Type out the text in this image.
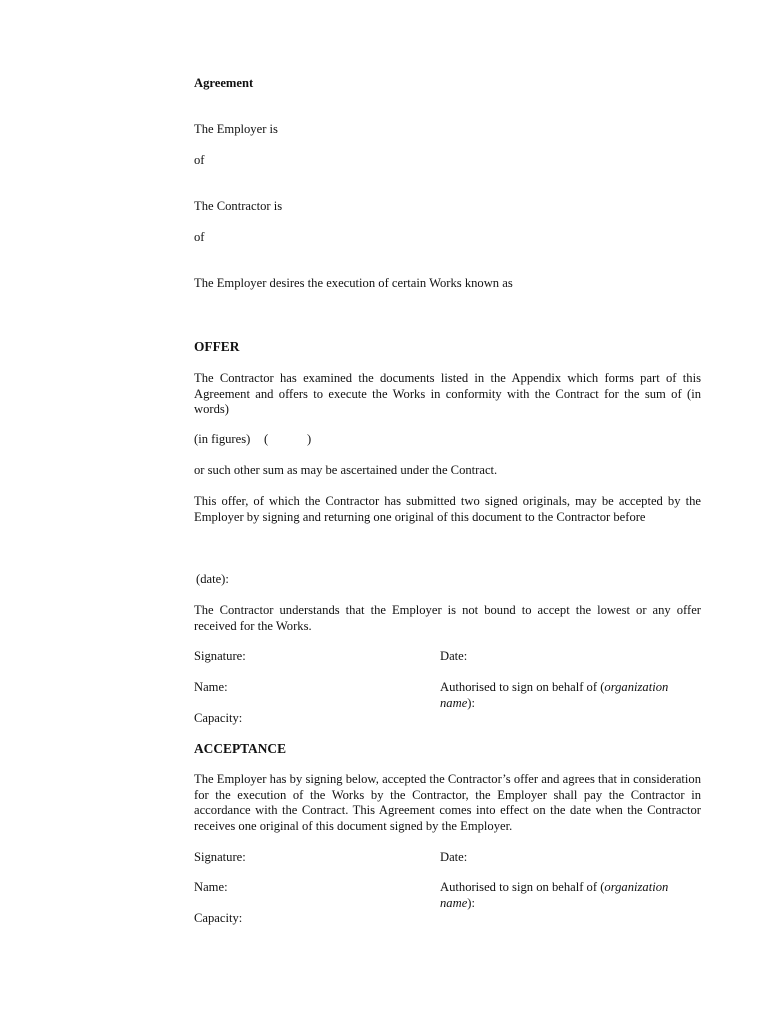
Agreement

The Employer is

of

The Contractor is

of

The Employer desires the execution of certain Works known as

OFFER

The Contractor has examined the documents listed in the Appendix which forms part of this Agreement and offers to execute the Works in conformity with the Contract for the sum of (in words)

(in figures) (	)

or such other sum as may be ascertained under the Contract.

This offer, of which the Contractor has submitted two signed originals, may be accepted by the Employer by signing and returning one original of this document to the Contractor before

(date):

The Contractor understands that the Employer is not bound to accept the lowest or any offer received for the Works.

Signature:	Date:

Name:	Authorised to sign on behalf of (organization name):

Capacity:

ACCEPTANCE

The Employer has by signing below, accepted the Contractor’s offer and agrees that in consideration for the execution of the Works by the Contractor, the Employer shall pay the Contractor in accordance with the Contract. This Agreement comes into effect on the date when the Contractor receives one original of this document signed by the Employer.

Signature:	Date:

Name:	Authorised to sign on behalf of (organization name):

Capacity:
